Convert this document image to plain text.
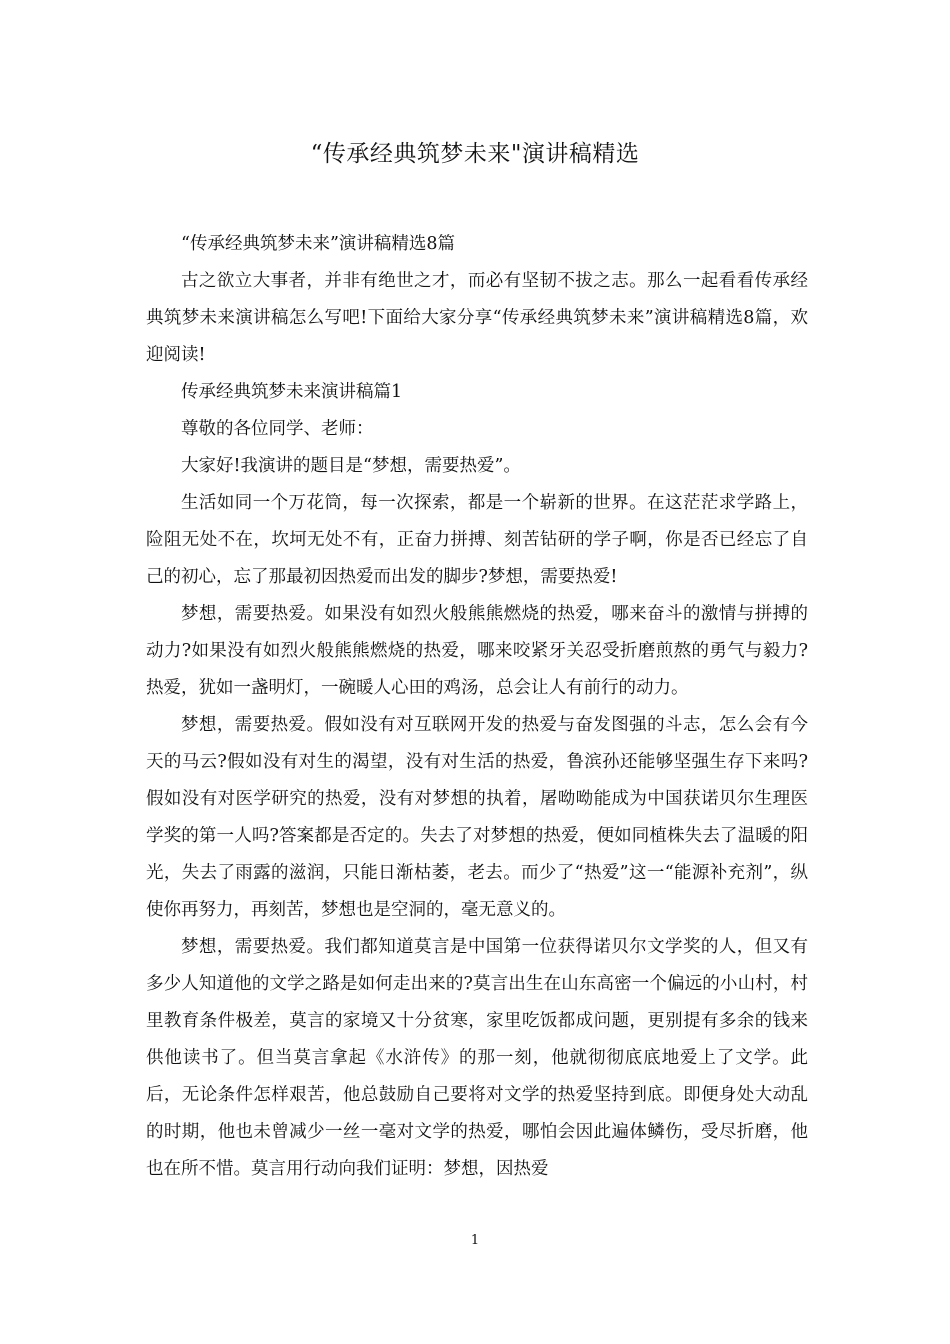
“传承经典筑梦未来"演讲稿精选

“传承经典筑梦未来”演讲稿精选8篇

古之欲立大事者，并非有绝世之才，而必有坚韧不拔之志。那么一起看看传承经典筑梦未来演讲稿怎么写吧!下面给大家分享“传承经典筑梦未来”演讲稿精选8篇，欢迎阅读!

传承经典筑梦未来演讲稿篇1

尊敬的各位同学、老师：

大家好!我演讲的题目是“梦想，需要热爱”。

生活如同一个万花筒，每一次探索，都是一个崭新的世界。在这茫茫求学路上，险阻无处不在，坎坷无处不有，正奋力拼搏、刻苦钻研的学子啊，你是否已经忘了自己的初心，忘了那最初因热爱而出发的脚步?梦想，需要热爱!

梦想，需要热爱。如果没有如烈火般熊熊燃烧的热爱，哪来奋斗的激情与拼搏的动力?如果没有如烈火般熊熊燃烧的热爱，哪来咬紧牙关忍受折磨煎熬的勇气与毅力?热爱，犹如一盏明灯，一碗暖人心田的鸡汤，总会让人有前行的动力。

梦想，需要热爱。假如没有对互联网开发的热爱与奋发图强的斗志，怎么会有今天的马云?假如没有对生的渴望，没有对生活的热爱，鲁滨孙还能够坚强生存下来吗?假如没有对医学研究的热爱，没有对梦想的执着，屠呦呦能成为中国获诺贝尔生理医学奖的第一人吗?答案都是否定的。失去了对梦想的热爱，便如同植株失去了温暖的阳光，失去了雨露的滋润，只能日渐枯萎，老去。而少了“热爱”这一“能源补充剂”，纵使你再努力，再刻苦，梦想也是空洞的，毫无意义的。

梦想，需要热爱。我们都知道莫言是中国第一位获得诺贝尔文学奖的人，但又有多少人知道他的文学之路是如何走出来的?莫言出生在山东高密一个偏远的小山村，村里教育条件极差，莫言的家境又十分贫寒，家里吃饭都成问题，更别提有多余的钱来供他读书了。但当莫言拿起《水浒传》的那一刻，他就彻彻底底地爱上了文学。此后，无论条件怎样艰苦，他总鼓励自己要将对文学的热爱坚持到底。即便身处大动乱的时期，他也未曾减少一丝一毫对文学的热爱，哪怕会因此遍体鳞伤，受尽折磨，他也在所不惜。莫言用行动向我们证明：梦想，因热爱

1
